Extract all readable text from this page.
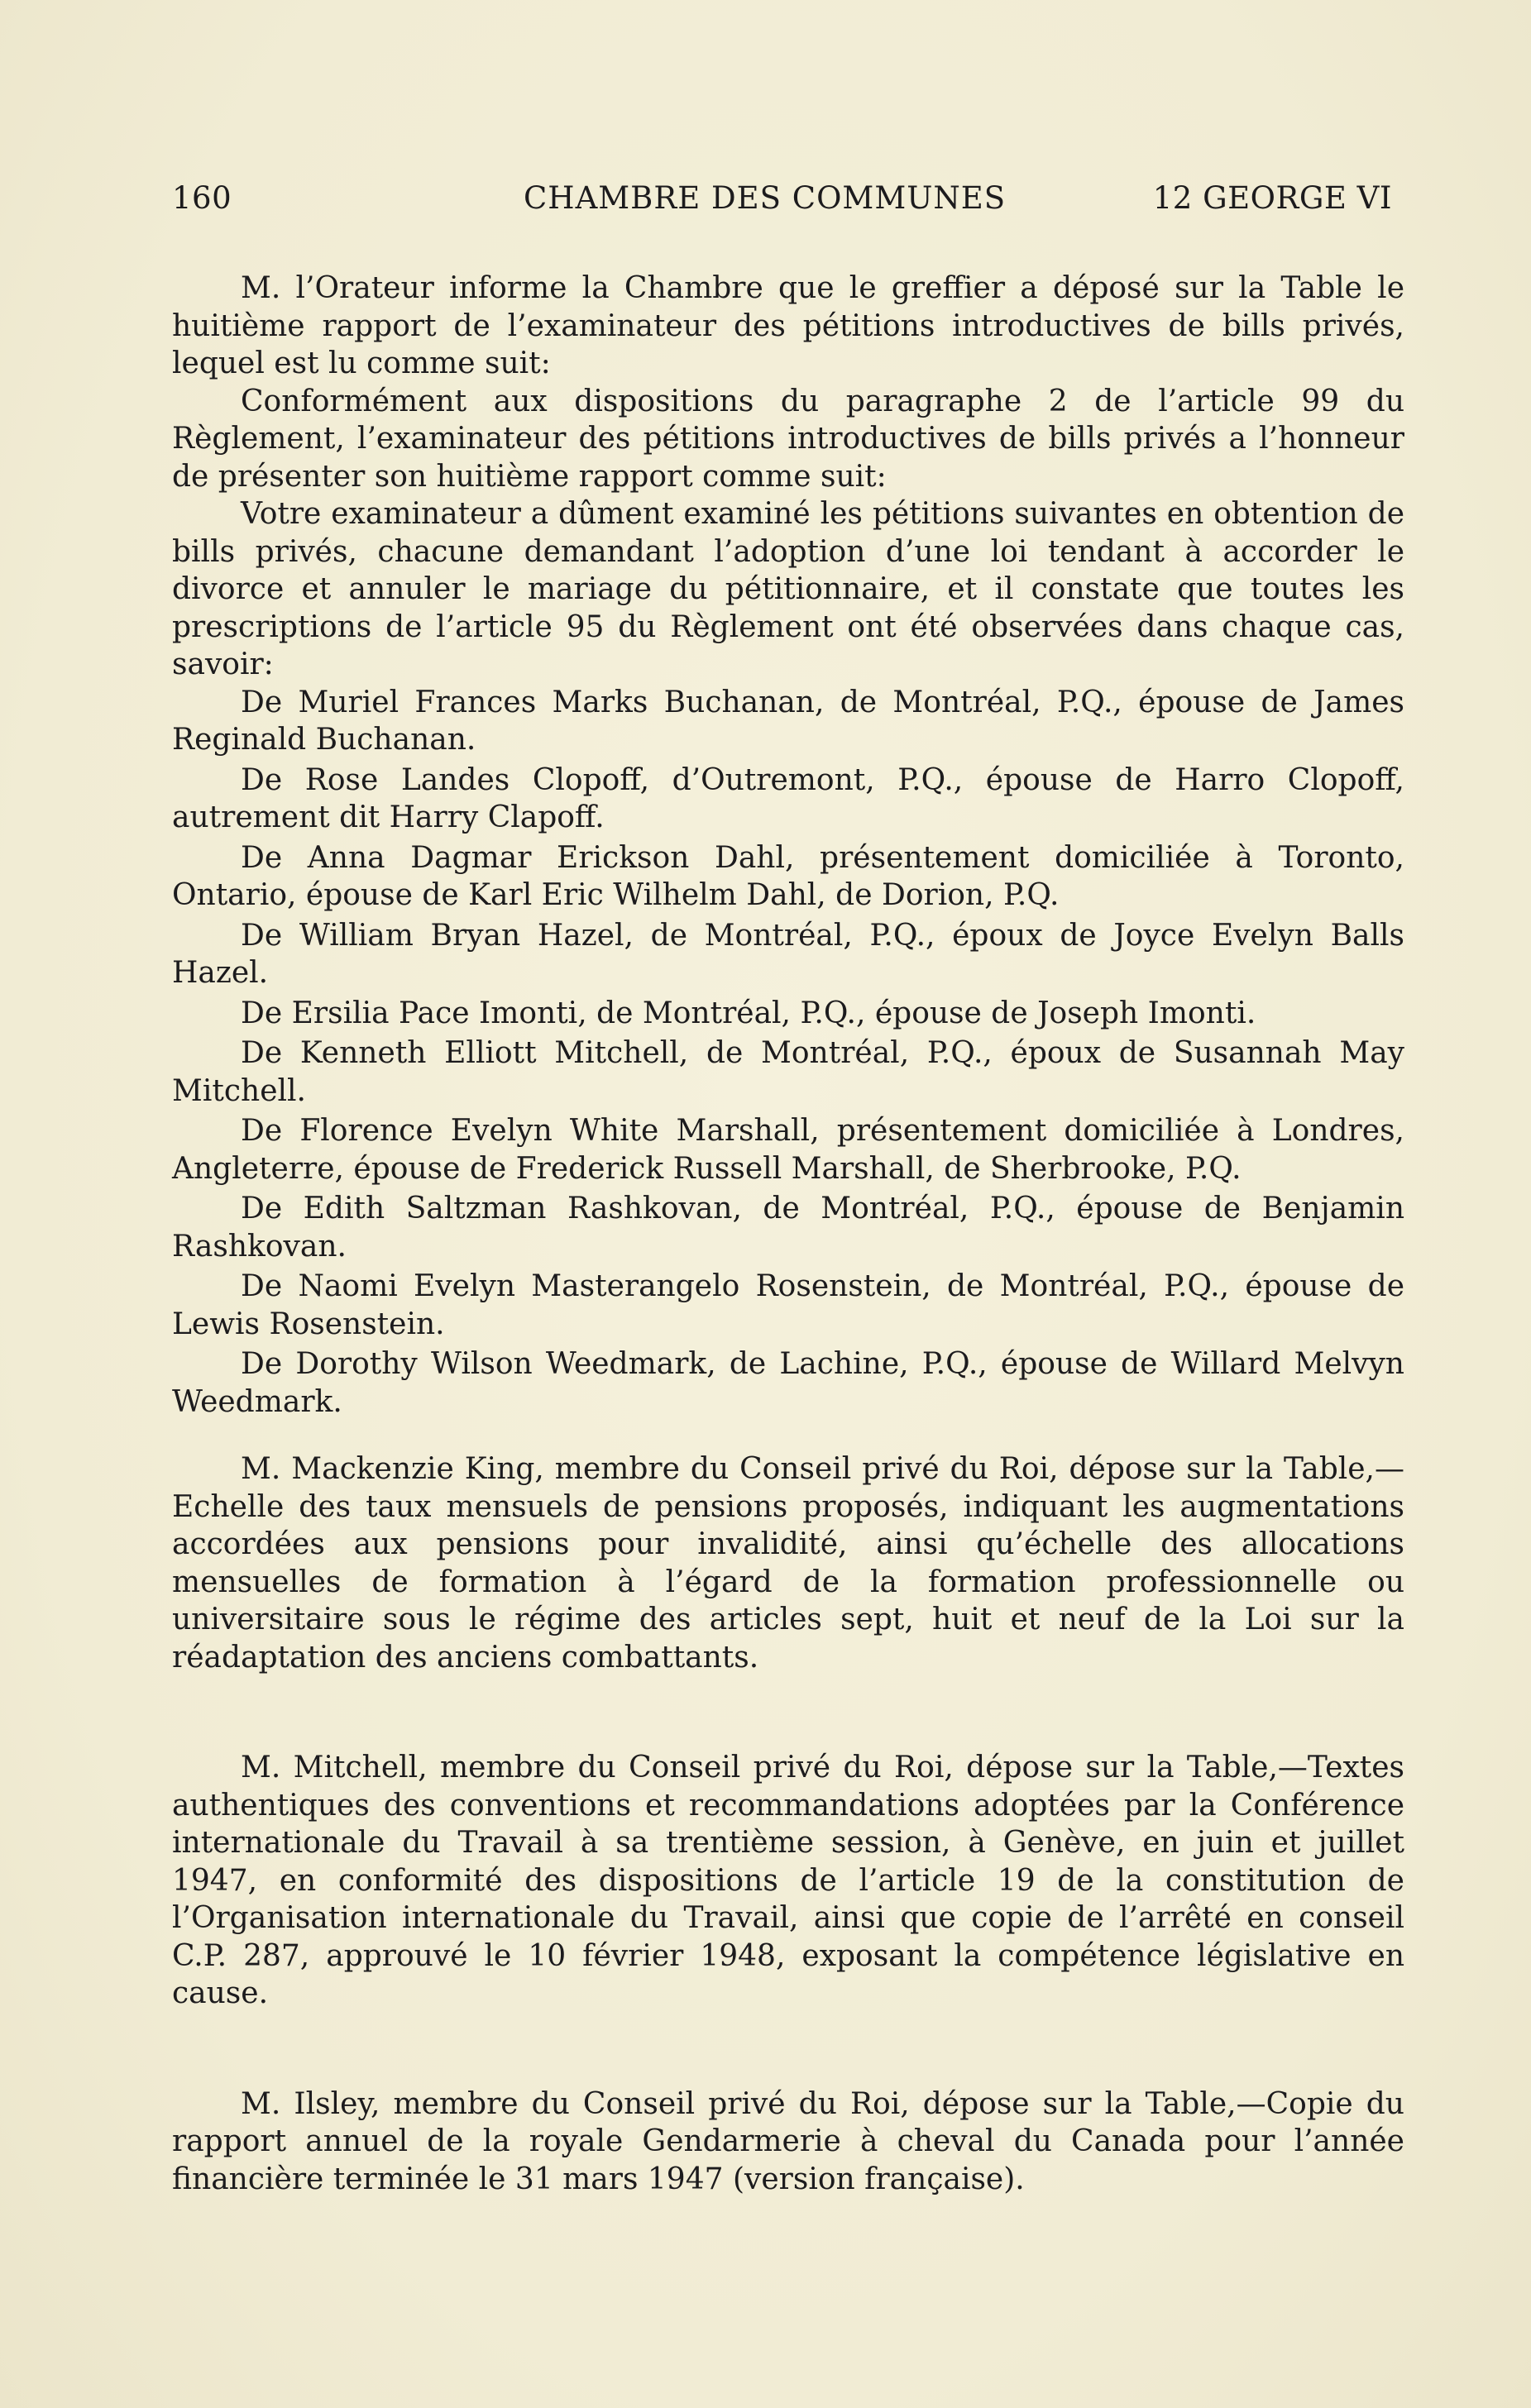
160	CHAMBRE DES COMMUNES	12 GEORGE VI

M. l’Orateur informe la Chambre que le greffier a déposé sur la Table le huitième rapport de l’examinateur des pétitions introductives de bills privés, lequel est lu comme suit:

Conformément aux dispositions du paragraphe 2 de l’article 99 du Règlement, l’examinateur des pétitions introductives de bills privés a l’honneur de présenter son huitième rapport comme suit:

Votre examinateur a dûment examiné les pétitions suivantes en obtention de bills privés, chacune demandant l’adoption d’une loi tendant à accorder le divorce et annuler le mariage du pétitionnaire, et il constate que toutes les prescriptions de l’article 95 du Règlement ont été observées dans chaque cas, savoir:

De Muriel Frances Marks Buchanan, de Montréal, P.Q., épouse de James Reginald Buchanan.

De Rose Landes Clopoff, d’Outremont, P.Q., épouse de Harro Clopoff, autrement dit Harry Clapoff.

De Anna Dagmar Erickson Dahl, présentement domiciliée à Toronto, Ontario, épouse de Karl Eric Wilhelm Dahl, de Dorion, P.Q.

De William Bryan Hazel, de Montréal, P.Q., époux de Joyce Evelyn Balls Hazel.

De Ersilia Pace Imonti, de Montréal, P.Q., épouse de Joseph Imonti.

De Kenneth Elliott Mitchell, de Montréal, P.Q., époux de Susannah May Mitchell.

De Florence Evelyn White Marshall, présentement domiciliée à Londres, Angleterre, épouse de Frederick Russell Marshall, de Sherbrooke, P.Q.

De Edith Saltzman Rashkovan, de Montréal, P.Q., épouse de Benjamin Rashkovan.

De Naomi Evelyn Masterangelo Rosenstein, de Montréal, P.Q., épouse de Lewis Rosenstein.

De Dorothy Wilson Weedmark, de Lachine, P.Q., épouse de Willard Melvyn Weedmark.

M. Mackenzie King, membre du Conseil privé du Roi, dépose sur la Table,—Echelle des taux mensuels de pensions proposés, indiquant les augmentations accordées aux pensions pour invalidité, ainsi qu’échelle des allocations mensuelles de formation à l’égard de la formation professionnelle ou universitaire sous le régime des articles sept, huit et neuf de la Loi sur la réadaptation des anciens combattants.

M. Mitchell, membre du Conseil privé du Roi, dépose sur la Table,—Textes authentiques des conventions et recommandations adoptées par la Conférence internationale du Travail à sa trentième session, à Genève, en juin et juillet 1947, en conformité des dispositions de l’article 19 de la constitution de l’Organisation internationale du Travail, ainsi que copie de l’arrêté en conseil C.P. 287, approuvé le 10 février 1948, exposant la compétence législative en cause.

M. Ilsley, membre du Conseil privé du Roi, dépose sur la Table,—Copie du rapport annuel de la royale Gendarmerie à cheval du Canada pour l’année financière terminée le 31 mars 1947 (version française).
